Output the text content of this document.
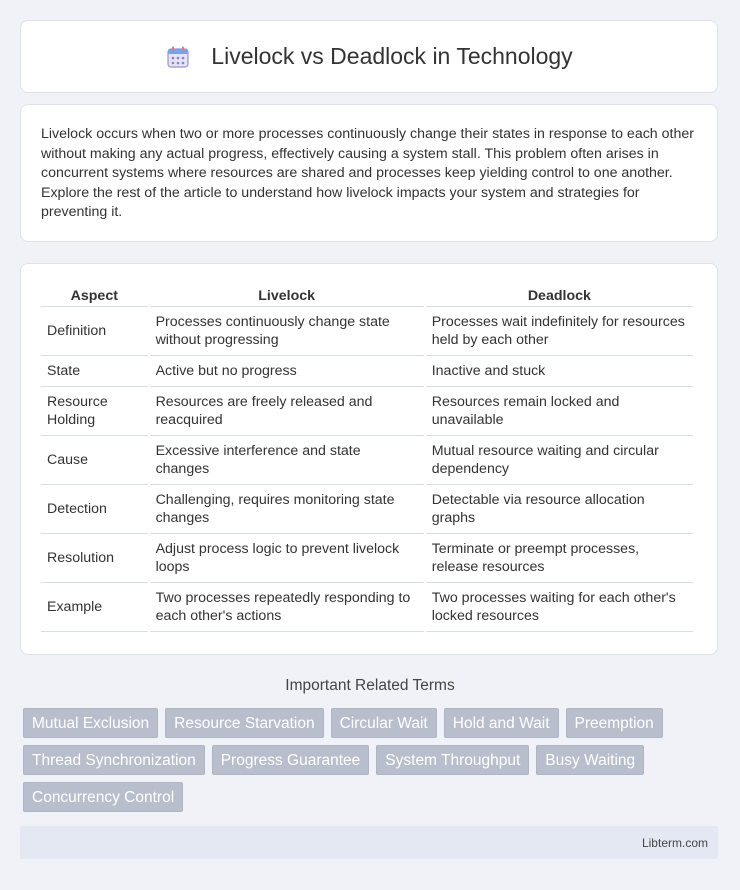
Livelock vs Deadlock in Technology

Livelock occurs when two or more processes continuously change their states in response to each other without making any actual progress, effectively causing a system stall. This problem often arises in concurrent systems where resources are shared and processes keep yielding control to one another. Explore the rest of the article to understand how livelock impacts your system and strategies for preventing it.

Aspect	Livelock	Deadlock
Definition	Processes continuously change state without progressing	Processes wait indefinitely for resources held by each other
State	Active but no progress	Inactive and stuck
Resource Holding	Resources are freely released and reacquired	Resources remain locked and unavailable
Cause	Excessive interference and state changes	Mutual resource waiting and circular dependency
Detection	Challenging, requires monitoring state changes	Detectable via resource allocation graphs
Resolution	Adjust process logic to prevent livelock loops	Terminate or preempt processes, release resources
Example	Two processes repeatedly responding to each other's actions	Two processes waiting for each other's locked resources
Important Related Terms
Mutual Exclusion	Resource Starvation	Circular Wait	Hold and Wait	Preemption
Thread Synchronization	Progress Guarantee	System Throughput	Busy Waiting
Concurrency Control
Libterm.com
